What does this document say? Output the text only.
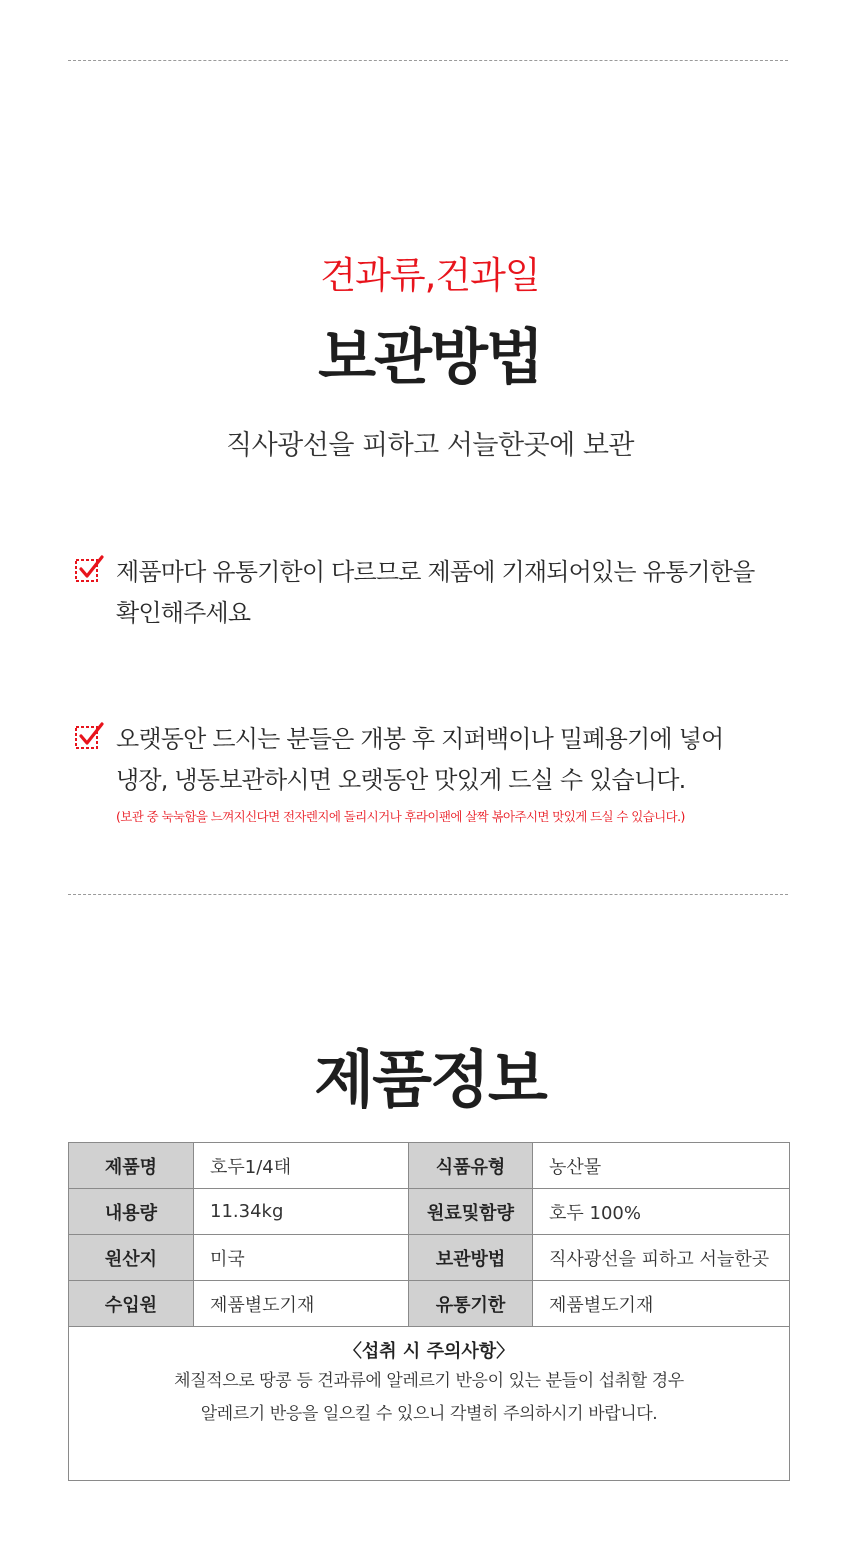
견과류,건과일
보관방법
직사광선을 피하고 서늘한곳에 보관
제품마다 유통기한이 다르므로 제품에 기재되어있는 유통기한을
확인해주세요
오랫동안 드시는 분들은 개봉 후 지퍼백이나 밀폐용기에 넣어
냉장, 냉동보관하시면 오랫동안 맛있게 드실 수 있습니다.
(보관 중 눅눅함을 느껴지신다면 전자렌지에 돌리시거나 후라이팬에 살짝 볶아주시면 맛있게 드실 수 있습니다.)
제품정보
제품명	호두1/4태	식품유형	농산물
내용량	11.34kg	원료및함량	호두 100%
원산지	미국	보관방법	직사광선을 피하고 서늘한곳
수입원	제품별도기재	유통기한	제품별도기재

〈섭취 시 주의사항〉
체질적으로 땅콩 등 견과류에 알레르기 반응이 있는 분들이 섭취할 경우
알레르기 반응을 일으킬 수 있으니 각별히 주의하시기 바랍니다.			
